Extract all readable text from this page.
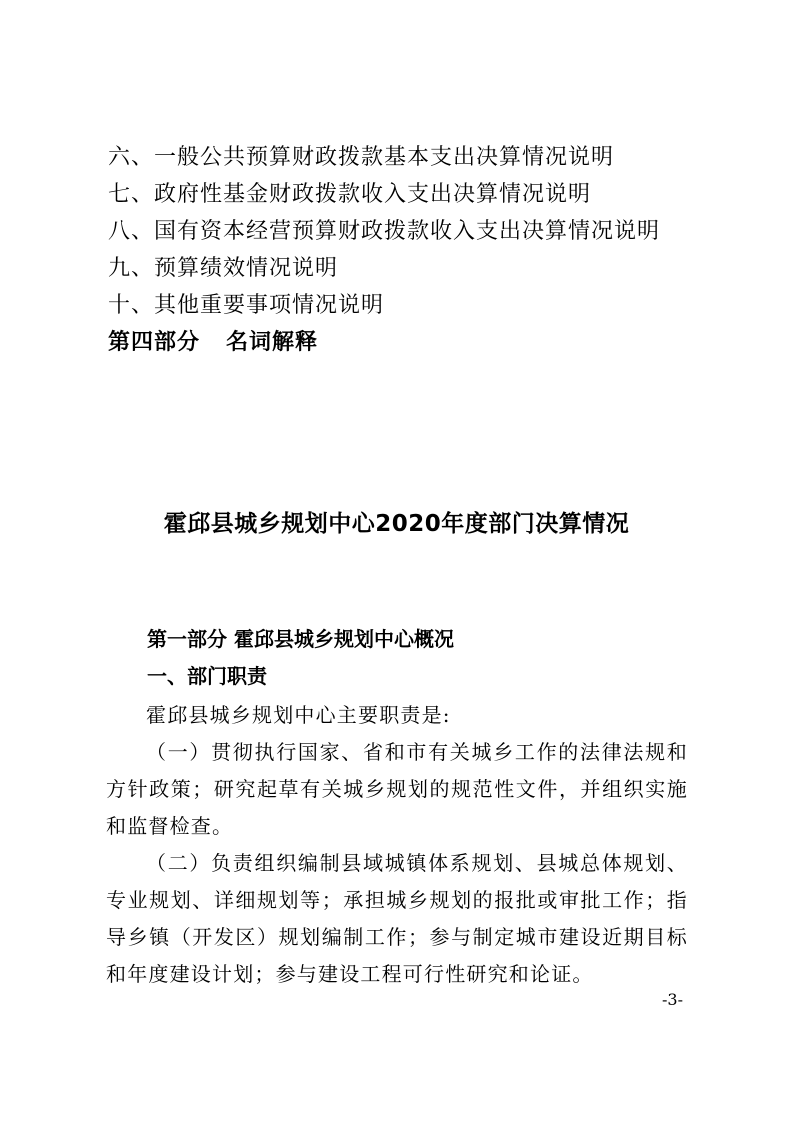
六、一般公共预算财政拨款基本支出决算情况说明
七、政府性基金财政拨款收入支出决算情况说明
八、国有资本经营预算财政拨款收入支出决算情况说明
九、预算绩效情况说明
十、其他重要事项情况说明
第四部分   名词解释
霍邱县城乡规划中心2020年度部门决算情况
第一部分 霍邱县城乡规划中心概况
一、部门职责

霍邱县城乡规划中心主要职责是:

（一）贯彻执行国家、省和市有关城乡工作的法律法规和方针政策；研究起草有关城乡规划的规范性文件，并组织实施和监督检查。

（二）负责组织编制县域城镇体系规划、县城总体规划、专业规划、详细规划等；承担城乡规划的报批或审批工作；指导乡镇（开发区）规划编制工作；参与制定城市建设近期目标和年度建设计划；参与建设工程可行性研究和论证。

-3-
